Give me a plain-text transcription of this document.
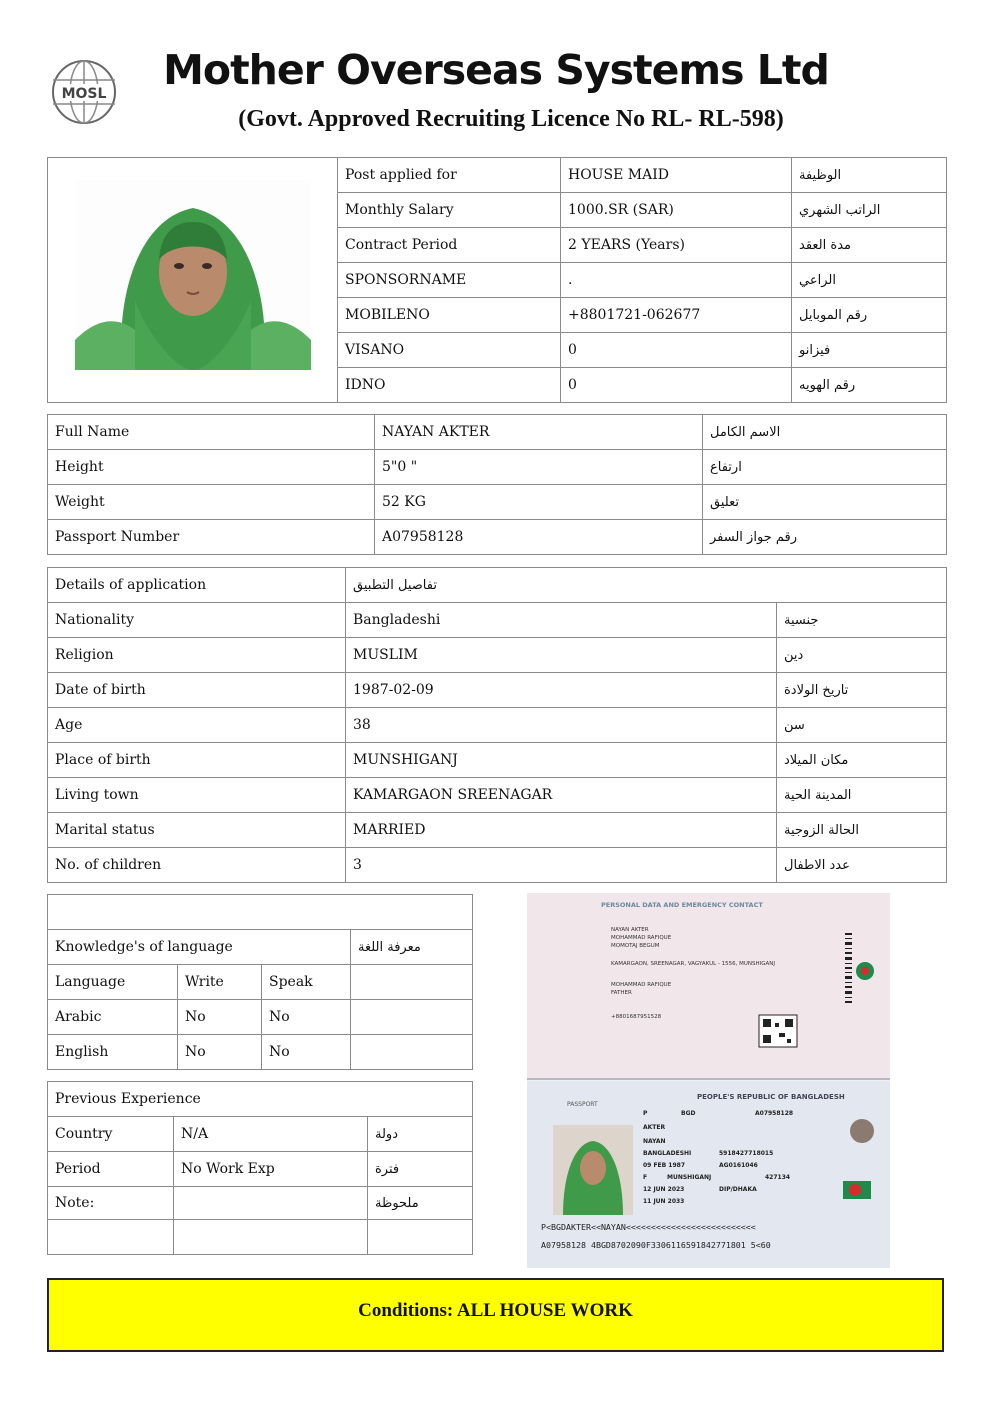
MOSL	Mother Overseas Systems Ltd
(Govt. Approved Recruiting Licence No RL- RL-598)
	Post applied for	HOUSE MAID	الوظيفة
	Monthly Salary	1000.SR (SAR)	الراتب الشهري
	Contract Period	2 YEARS (Years)	مدة العقد
	SPONSORNAME	.	الراعي
	MOBILENO	+8801721-062677	رقم الموبايل
	VISANO	0	فيزانو
	IDNO	0	رقم الهويه
Full Name	NAYAN AKTER	الاسم الكامل
Height	5"0 "	ارتفاع
Weight	52 KG	تعليق
Passport Number	A07958128	رقم جواز السفر
Details of application	تفاصيل التطبيق	
Nationality	Bangladeshi	جنسية
Religion	MUSLIM	دين
Date of birth	1987-02-09	تاريخ الولادة
Age	38	سن
Place of birth	MUNSHIGANJ	مكان الميلاد
Living town	KAMARGAON SREENAGAR	المدينة الحية
Marital status	MARRIED	الحالة الزوجية
No. of children	3	عدد الاطفال

Knowledge's of language			معرفة اللغة
Language	Write	Speak	
Arabic	No	No	
English	No	No	
Previous Experience		
Country	N/A	دولة
Period	No Work Exp	فترة
Note:		ملحوظة

PERSONAL DATA AND EMERGENCY CONTACT
NAYAN AKTER
MOHAMMAD RAFIQUE
MOMOTAJ BEGUM
KAMARGAON, SREENAGAR, VAGYAKUL - 1556, MUNSHIGANJ
MOHAMMAD RAFIQUE
FATHER
+8801687951528
PASSPORT
PEOPLE'S REPUBLIC OF BANGLADESH
P	BGD	A07958128
AKTER
NAYAN
BANGLADESHI	5918427718015
09 FEB 1987	AG0161046
F	MUNSHIGANJ	427134
12 JUN 2023	DIP/DHAKA
11 JUN 2033
P<BGDAKTER<<NAYAN<<<<<<<<<<<<<<<<<<<<<<<<<<
A07958128 4BGD8702090F3306116591842771801 5<60
Conditions: ALL HOUSE WORK
